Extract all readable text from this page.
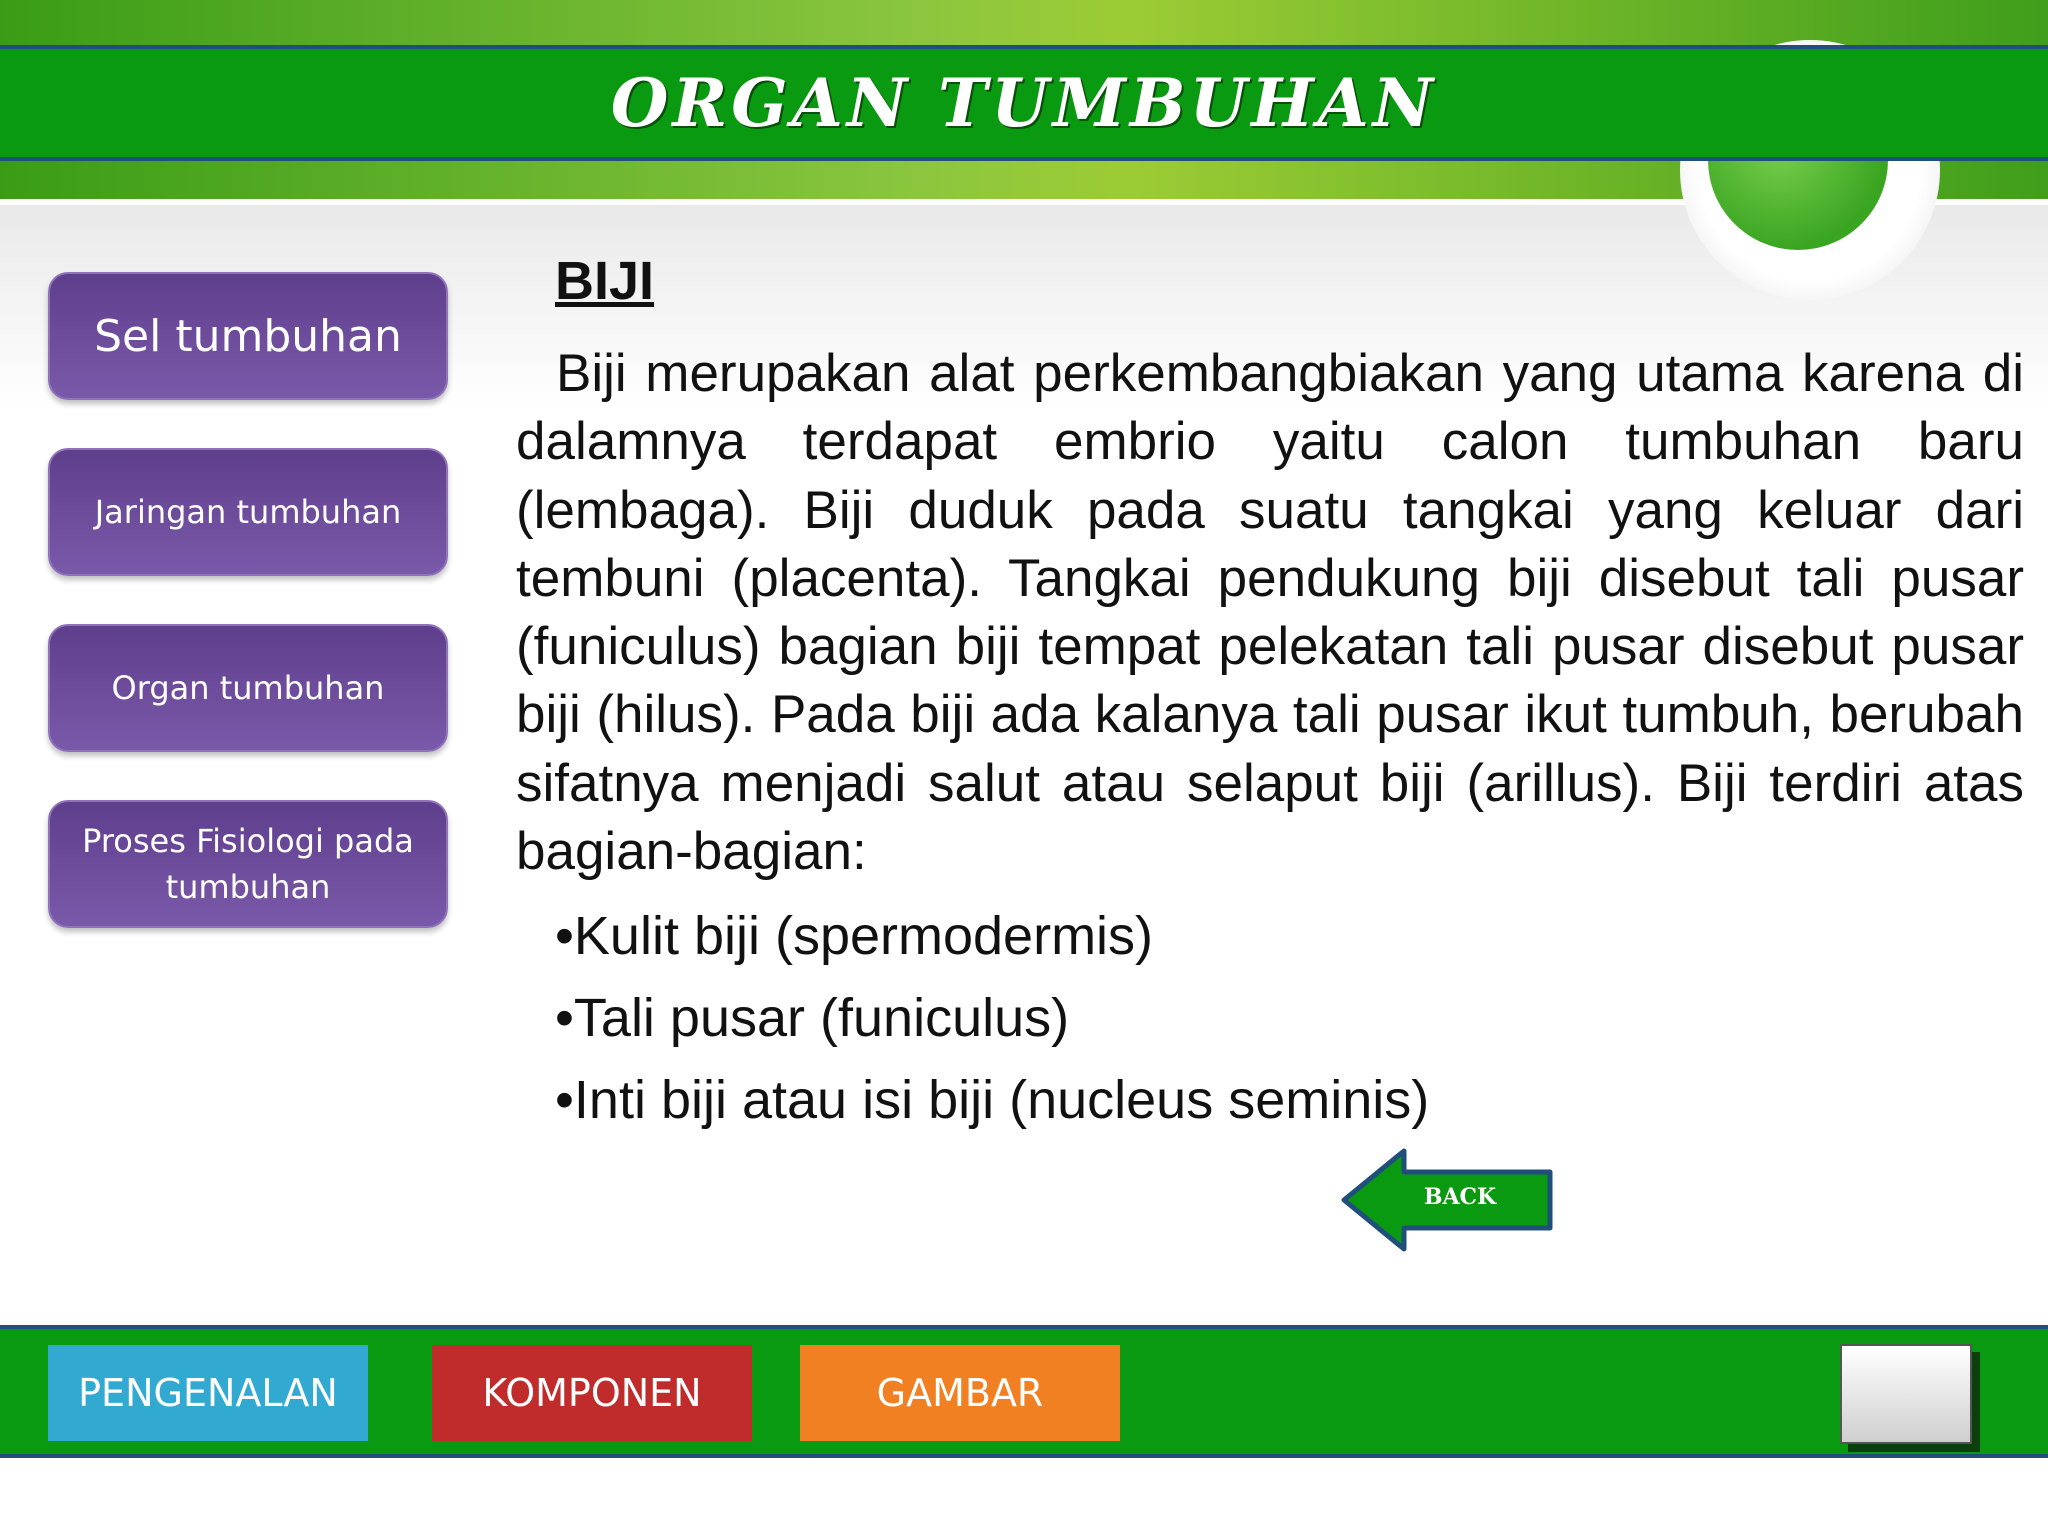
ORGAN TUMBUHAN
Sel tumbuhan
Jaringan tumbuhan
Organ tumbuhan
Proses Fisiologi pada tumbuhan
BIJI
Biji merupakan alat perkembangbiakan yang utama karena di dalamnya terdapat embrio yaitu calon tumbuhan baru (lembaga). Biji duduk pada suatu tangkai yang keluar dari tembuni (placenta). Tangkai pendukung biji disebut tali pusar (funiculus) bagian biji tempat pelekatan tali pusar disebut pusar biji (hilus). Pada biji ada kalanya tali pusar ikut tumbuh, berubah sifatnya menjadi salut atau selaput biji (arillus). Biji terdiri atas bagian-bagian:
•Kulit biji (spermodermis)
•Tali pusar (funiculus)
•Inti biji atau isi biji (nucleus seminis)
BACK
PENGENALAN	KOMPONEN	GAMBAR
